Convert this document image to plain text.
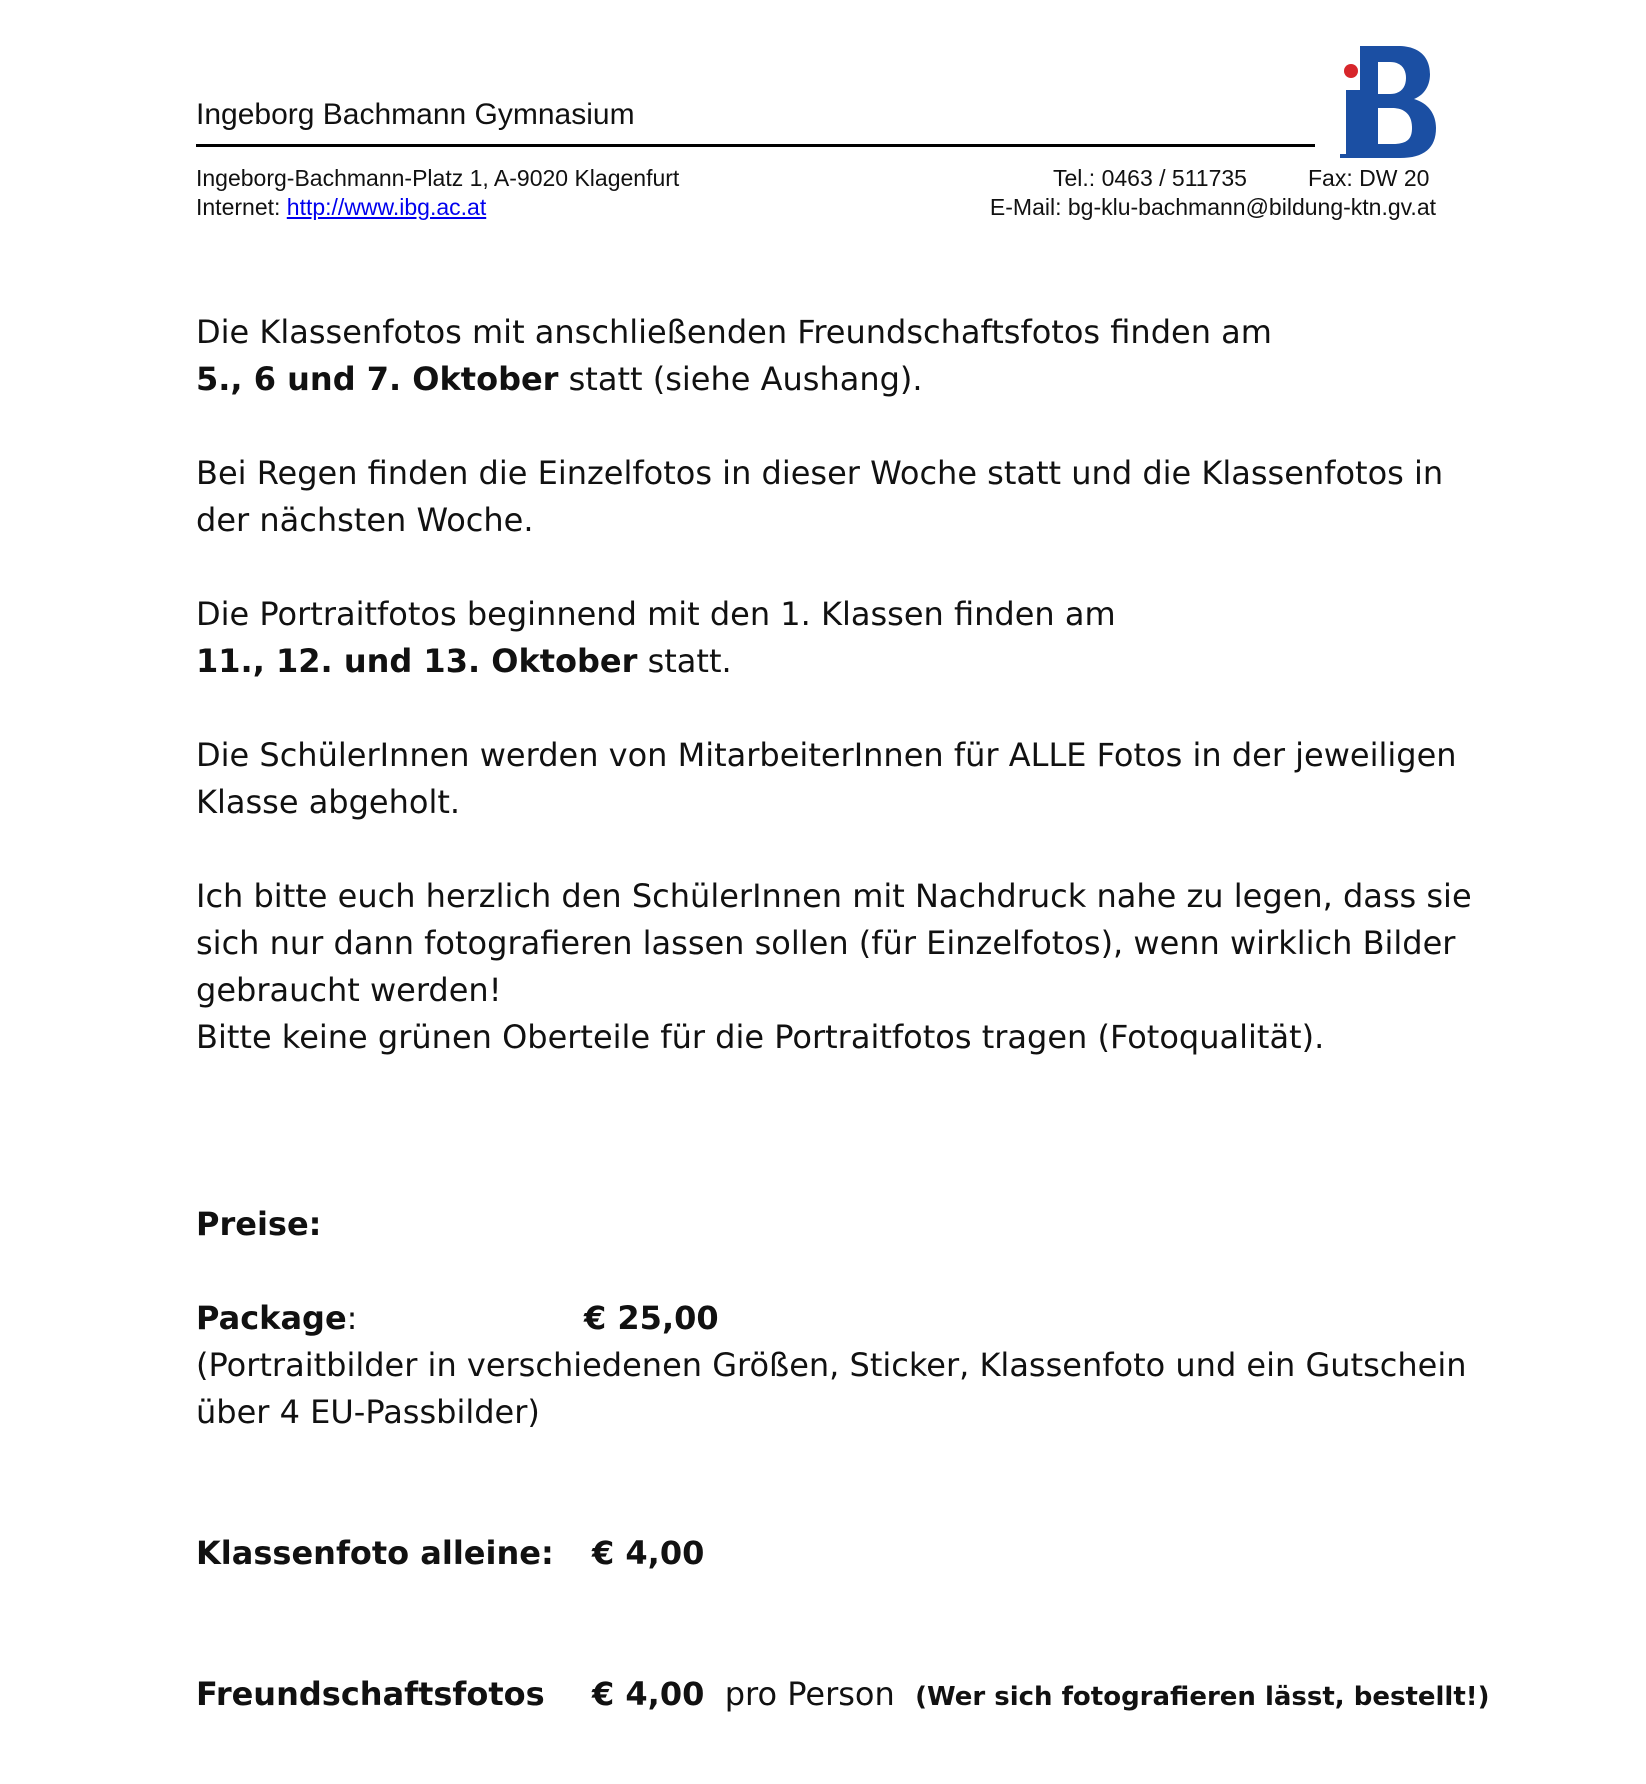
Ingeborg Bachmann Gymnasium
Ingeborg-Bachmann-Platz 1, A-9020 Klagenfurt
Internet: http://www.ibg.ac.at
Tel.: 0463 / 511735	Fax: DW 20
E-Mail: bg-klu-bachmann@bildung-ktn.gv.at
Die Klassenfotos mit anschließenden Freundschaftsfotos finden am
5., 6 und 7. Oktober statt (siehe Aushang).
Bei Regen finden die Einzelfotos in dieser Woche statt und die Klassenfotos in
der nächsten Woche.
Die Portraitfotos beginnend mit den 1. Klassen finden am
11., 12. und 13. Oktober statt.
Die SchülerInnen werden von MitarbeiterInnen für ALLE Fotos in der jeweiligen
Klasse abgeholt.
Ich bitte euch herzlich den SchülerInnen mit Nachdruck nahe zu legen, dass sie
sich nur dann fotografieren lassen sollen (für Einzelfotos), wenn wirklich Bilder
gebraucht werden!
Bitte keine grünen Oberteile für die Portraitfotos tragen (Fotoqualität).
Preise:
Package:	€ 25,00
(Portraitbilder in verschiedenen Größen, Sticker, Klassenfoto und ein Gutschein
über 4 EU-Passbilder)
Klassenfoto alleine: € 4,00
Freundschaftsfotos € 4,00 pro Person (Wer sich fotografieren lässt, bestellt!)
